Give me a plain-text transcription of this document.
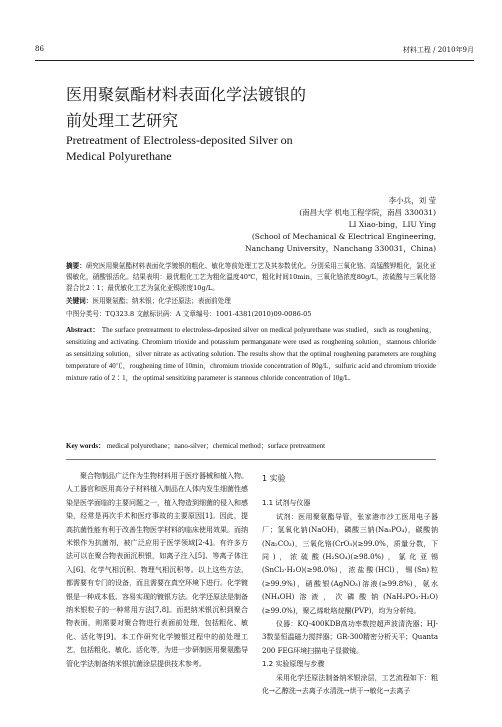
86	材料工程 / 2010年9月
医用聚氨酯材料表面化学法镀银的
前处理工艺研究
Pretreatment of Electroless-deposited Silver on
Medical Polyurethane
李小兵，刘 莹
(南昌大学 机电工程学院，南昌 330031)
LI Xiao-bing，LIU Ying
(School of Mechanical & Electrical Engineering,
Nanchang University，Nanchang 330031，China)

摘要：研究医用聚氨酯材料表面化学镀银的粗化、敏化等前处理工艺及其参数优化。分别采用三氧化铬、高锰酸钾粗化，氯化亚锡敏化，硝酸银活化。结果表明：最优粗化工艺为粗化温度40℃，粗化时间10min，三氧化铬浓度80g/L，浓硫酸与三氧化铬混合比2∶1；最优敏化工艺为氯化亚锡浓度10g/L。

关键词：医用聚氨酯；纳米银；化学还原法；表面前处理

中图分类号：TQ323.8 文献标识码：A 文章编号：1001-4381(2010)09-0086-05

Abstract： The surface pretreatment to electroless-deposited silver on medical polyurethane was studied，such as roughening，sensitizing and activating. Chromium trioxide and potassium permanganate were used as roughening solution，stannous chloride as sensitizing solution，silver nitrate as activating solution. The results show that the optimal roughening parameters are roughing temperature of 40℃，roughening time of 10min，chromium trioxide concentration of 80g/L，sulfuric acid and chromium trioxide mixture ratio of 2∶1，the optimal sensitizing parameter is stannous chloride concentration of 10g/L.
Key words： medical polyurethane；nano-silver；chemical method；surface pretreatment
聚合物制品广泛作为生物材料用于医疗器械和植入物。人工器官和医用高分子材料植入制品在人体内发生细菌性感染是医学面临的主要问题之一，植入物造到细菌的侵入和感染，经常是再次手术和医疗事故的主要原因[1]。因此，提高抗菌性能有利于改善生物医学材料的临床使用效果。而纳米银作为抗菌剂，被广泛应用于医学领域[2-4]。有许多方法可以在聚合物表面沉积银，如离子注入[5]、等离子体注入[6]、化学气相沉积、物理气相沉积等。以上这些方法，都需要有专门的设备，而且需要在真空环境下进行。化学镀银是一种成本低、容易实现的镀银方法。化学还原法是制备纳米银粒子的一种常用方法[7,8]。而把纳米银沉积到聚合物表面，则需要对聚合物进行表面前处理，包括粗化、敏化、活化等[9]。本工作研究化学镀银过程中的前处理工艺，包括粗化、敏化、活化等，为进一步研制医用聚氨酯导管化学法制备纳米银抗菌涂层提供技术参考。
1 实验
1.1 试剂与仪器

试剂：医用聚氨酯导管，张家港市沙工医用电子器厂；氢氧化钠(NaOH)，磷酸三钠(Na₃PO₄)，碳酸钠(Na₂CO₃)，三氧化铬(CrO₃)(≥99.0%，质量分数，下同)，浓硫酸(H₂SO₄)(≥98.0%)，氯化亚锡(SnCl₂·H₂O)(≥98.0%)，浓盐酸(HCl)，锡(Sn)粒(≥99.9%)，硝酸银(AgNO₃)溶液(≥99.8%)，氨水(NH₄OH)溶液，次磷酸钠(NaH₂PO₂·H₂O)(≥99.0%)，聚乙烯吡咯烷酮(PVP)，均为分析纯。

仪器：KQ-400KDB高功率数控超声波清洗器；HJ-3数显恒温磁力搅拌器；GR-300精密分析天平；Quanta 200 FEG环境扫描电子显微镜。

1.2 实验原理与步骤

采用化学还原法制备纳米银涂层，工艺流程如下：粗化→乙醇洗→去离子水清洗→烘干→敏化→去离子
